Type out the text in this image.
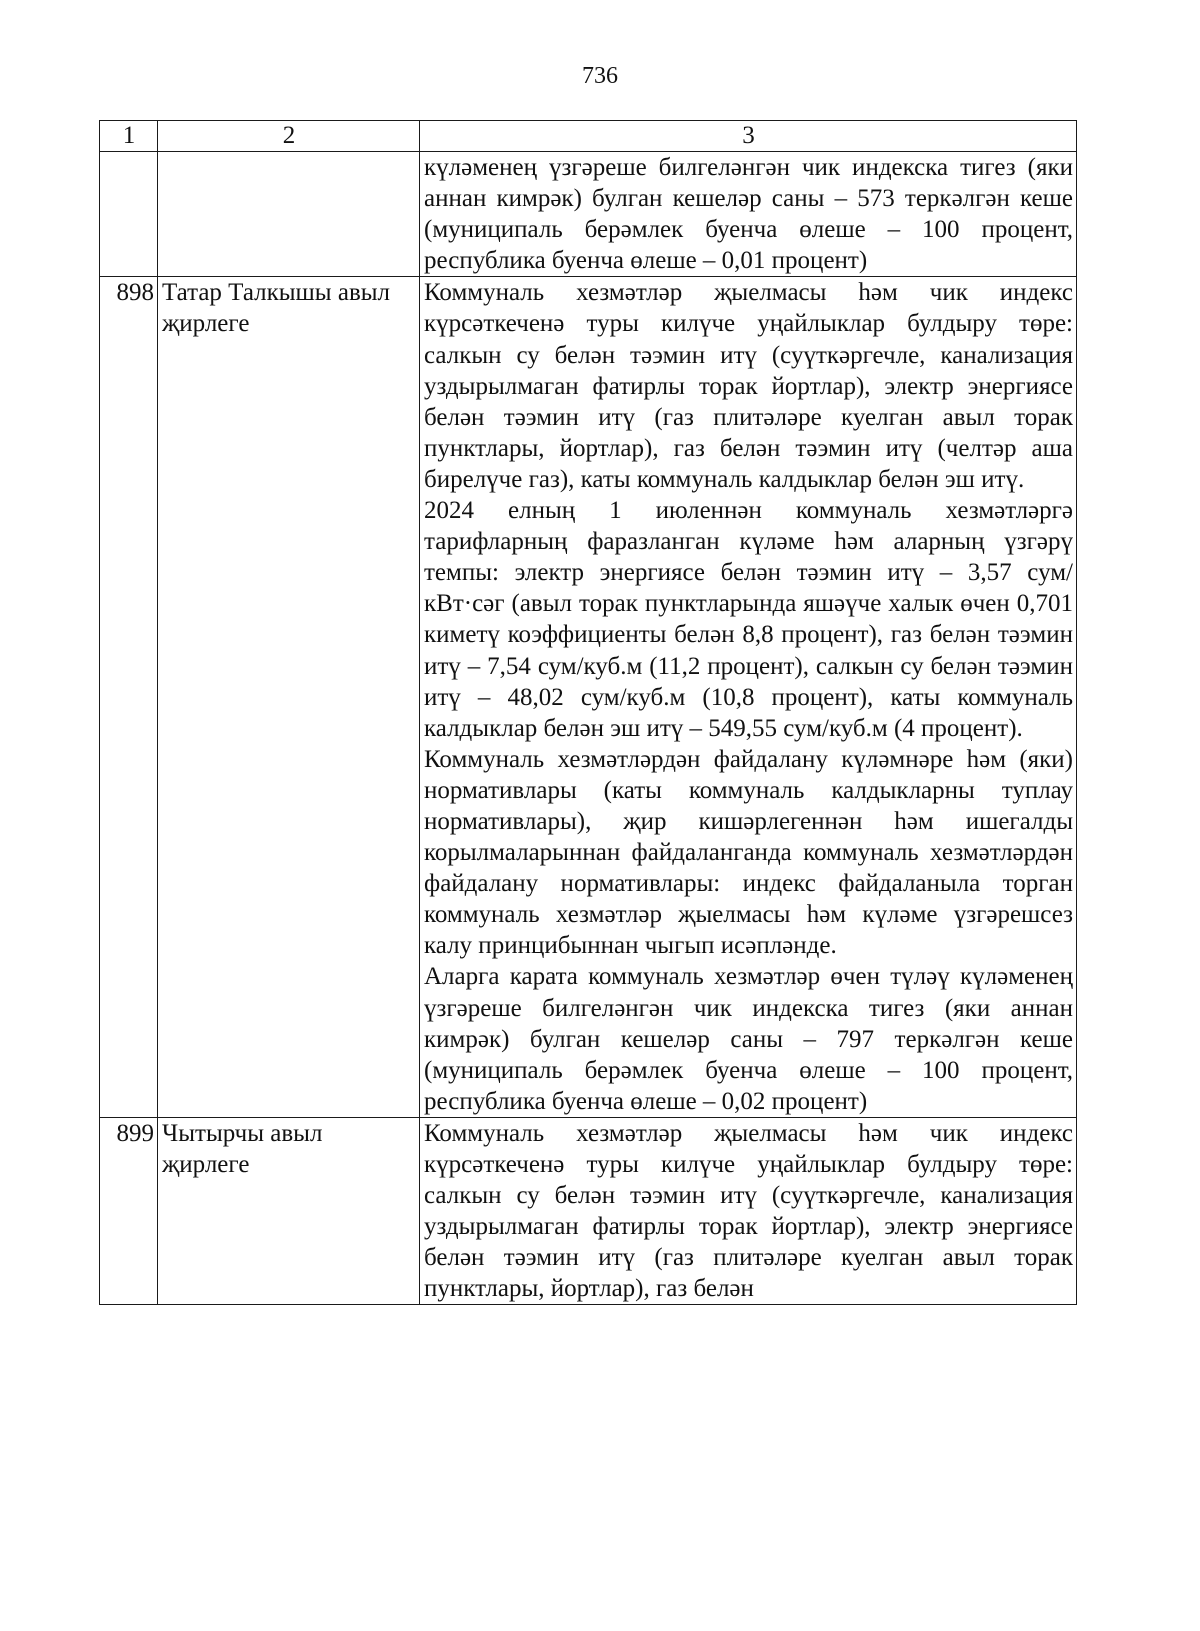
736
1	2	3

		күләменең үзгәреше билгеләнгән чик индекска тигез (яки аннан кимрәк) булган кешеләр саны – 573 теркәлгән кеше (муниципаль берәмлек буенча өлеше – 100 процент, республика буенча өлеше – 0,01 процент)

898	Татар Талкышы авыл җирлеге	Коммуналь хезмәтләр җыелмасы һәм чик индекс күрсәткеченә туры килүче уңайлыклар булдыру төре: салкын су белән тәэмин итү (суүткәргечле, канализация уздырылмаган фатирлы торак йортлар), электр энергиясе белән тәэмин итү (газ плитәләре куелган авыл торак пунктлары, йортлар), газ белән тәэмин итү (челтәр аша бирелүче газ), каты коммуналь калдыклар белән эш итү.

2024 елның 1 июленнән коммуналь хезмәтләргә тарифларның фаразланган күләме һәм аларның үзгәрү темпы: электр энергиясе белән тәэмин итү – 3,57 сум/кВт·сәг (авыл торак пунктларында яшәүче халык өчен 0,701 киметү коэффициенты белән 8,8 процент), газ белән тәэмин итү – 7,54 сум/куб.м (11,2 процент), салкын су белән тәэмин итү – 48,02 сум/куб.м (10,8 процент), каты коммуналь калдыклар белән эш итү – 549,55 сум/куб.м (4 процент).

Коммуналь хезмәтләрдән файдалану күләмнәре һәм (яки) нормативлары (каты коммуналь калдыкларны туплау нормативлары), җир кишәрлегеннән һәм ишегалды корылмаларыннан файдаланганда коммуналь хезмәтләрдән файдалану нормативлары: индекс файдаланыла торган коммуналь хезмәтләр җыелмасы һәм күләме үзгәрешсез калу принцибыннан чыгып исәпләнде.

Аларга карата коммуналь хезмәтләр өчен түләү күләменең үзгәреше билгеләнгән чик индекска тигез (яки аннан кимрәк) булган кешеләр саны – 797 теркәлгән кеше (муниципаль берәмлек буенча өлеше – 100 процент, республика буенча өлеше – 0,02 процент)

899	Чытырчы авыл җирлеге	Коммуналь хезмәтләр җыелмасы һәм чик индекс күрсәткеченә туры килүче уңайлыклар булдыру төре: салкын су белән тәэмин итү (суүткәргечле, канализация уздырылмаган фатирлы торак йортлар), электр энергиясе белән тәэмин итү (газ плитәләре куелган авыл торак пунктлары, йортлар), газ белән
